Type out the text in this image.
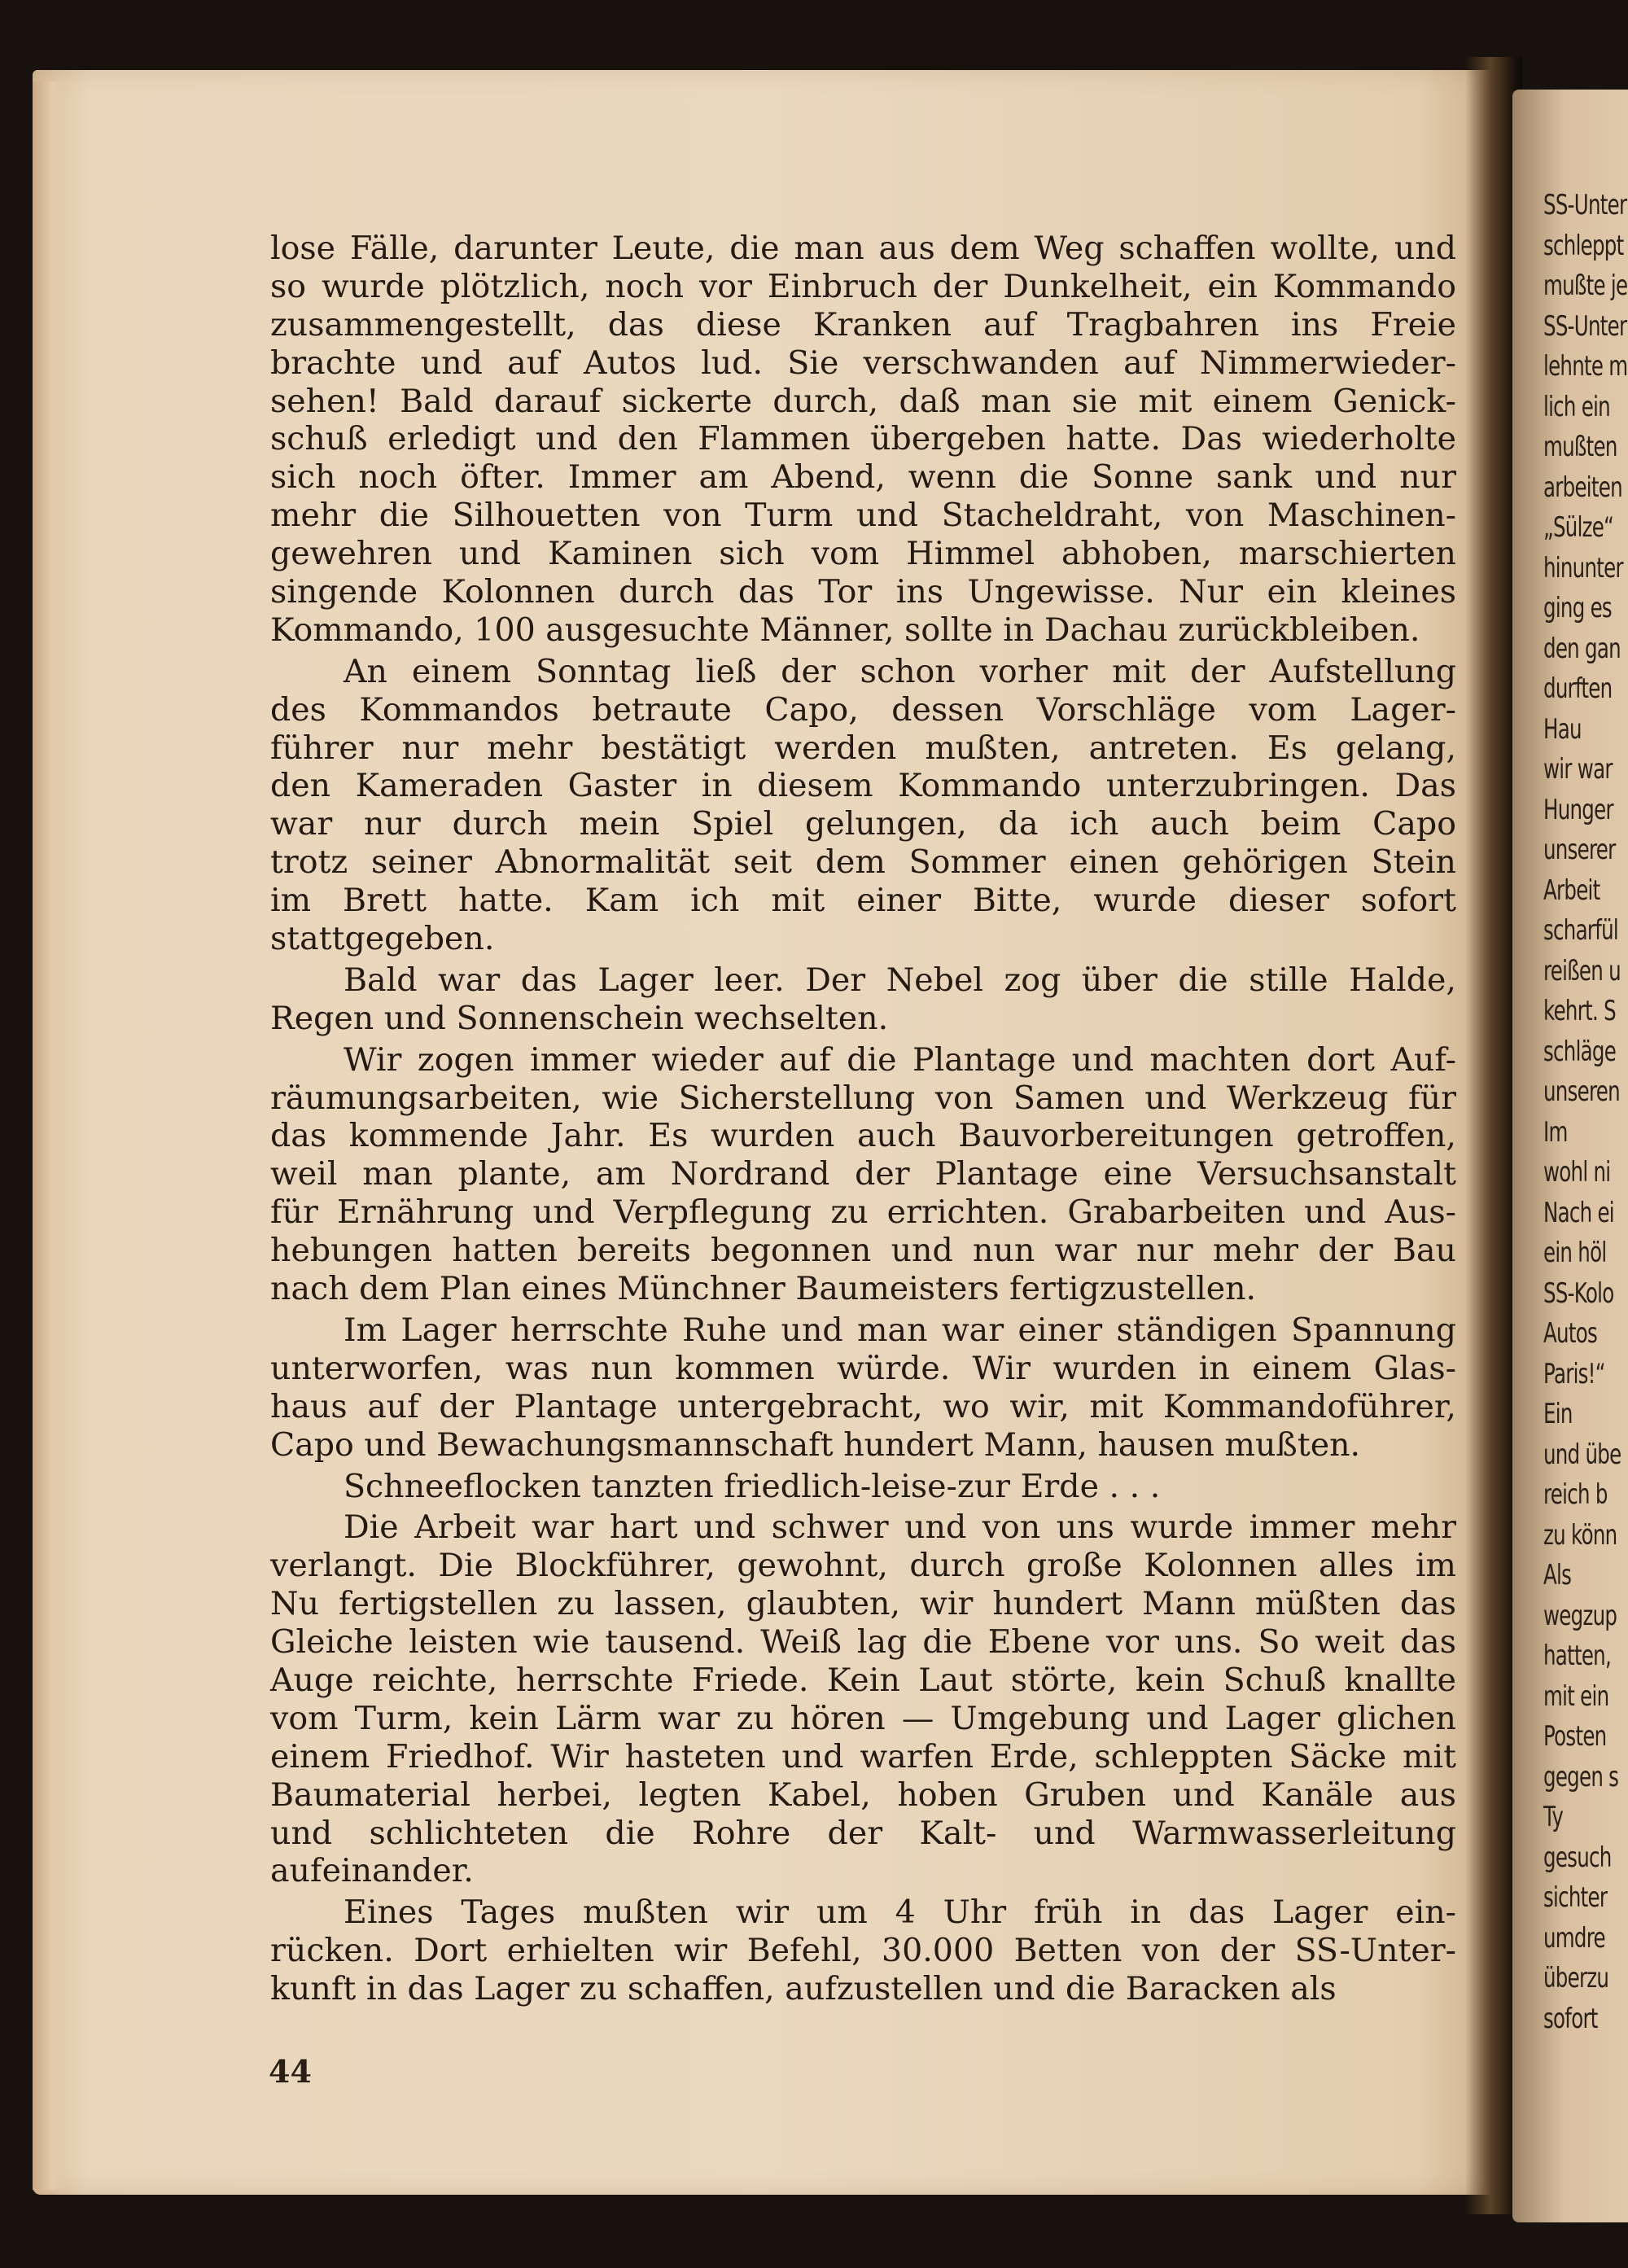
lose Fälle, darunter Leute, die man aus dem Weg schaffen wollte, und
so wurde plötzlich, noch vor Einbruch der Dunkelheit, ein Kommando
zusammengestellt, das diese Kranken auf Tragbahren ins Freie
brachte und auf Autos lud. Sie verschwanden auf Nimmerwieder-
sehen! Bald darauf sickerte durch, daß man sie mit einem Genick-
schuß erledigt und den Flammen übergeben hatte. Das wiederholte
sich noch öfter. Immer am Abend, wenn die Sonne sank und nur
mehr die Silhouetten von Turm und Stacheldraht, von Maschinen-
gewehren und Kaminen sich vom Himmel abhoben, marschierten
singende Kolonnen durch das Tor ins Ungewisse. Nur ein kleines
Kommando, 100 ausgesuchte Männer, sollte in Dachau zurückbleiben.
An einem Sonntag ließ der schon vorher mit der Aufstellung
des Kommandos betraute Capo, dessen Vorschläge vom Lager-
führer nur mehr bestätigt werden mußten, antreten. Es gelang,
den Kameraden Gaster in diesem Kommando unterzubringen. Das
war nur durch mein Spiel gelungen, da ich auch beim Capo
trotz seiner Abnormalität seit dem Sommer einen gehörigen Stein
im Brett hatte. Kam ich mit einer Bitte, wurde dieser sofort
stattgegeben.
Bald war das Lager leer. Der Nebel zog über die stille Halde,
Regen und Sonnenschein wechselten.
Wir zogen immer wieder auf die Plantage und machten dort Auf-
räumungsarbeiten, wie Sicherstellung von Samen und Werkzeug für
das kommende Jahr. Es wurden auch Bauvorbereitungen getroffen,
weil man plante, am Nordrand der Plantage eine Versuchsanstalt
für Ernährung und Verpflegung zu errichten. Grabarbeiten und Aus-
hebungen hatten bereits begonnen und nun war nur mehr der Bau
nach dem Plan eines Münchner Baumeisters fertigzustellen.
Im Lager herrschte Ruhe und man war einer ständigen Spannung
unterworfen, was nun kommen würde. Wir wurden in einem Glas-
haus auf der Plantage untergebracht, wo wir, mit Kommandoführer,
Capo und Bewachungsmannschaft hundert Mann, hausen mußten.
Schneeflocken tanzten friedlich-leise-zur Erde . . .
Die Arbeit war hart und schwer und von uns wurde immer mehr
verlangt. Die Blockführer, gewohnt, durch große Kolonnen alles im
Nu fertigstellen zu lassen, glaubten, wir hundert Mann müßten das
Gleiche leisten wie tausend. Weiß lag die Ebene vor uns. So weit das
Auge reichte, herrschte Friede. Kein Laut störte, kein Schuß knallte
vom Turm, kein Lärm war zu hören — Umgebung und Lager glichen
einem Friedhof. Wir hasteten und warfen Erde, schleppten Säcke mit
Baumaterial herbei, legten Kabel, hoben Gruben und Kanäle aus
und schlichteten die Rohre der Kalt- und Warmwasserleitung
aufeinander.
Eines Tages mußten wir um 4 Uhr früh in das Lager ein-
rücken. Dort erhielten wir Befehl, 30.000 Betten von der SS-Unter-
kunft in das Lager zu schaffen, aufzustellen und die Baracken als
44
SS-Unter
schleppt
mußte je
SS-Unter
lehnte m
lich ein
mußten
arbeiten
„Sülze“
hinunter
ging es
den gan
durften
Hau
wir war
Hunger
unserer
Arbeit
scharfül
reißen u
kehrt. S
schläge
unseren
Im
wohl ni
Nach ei
ein höl
SS-Kolo
Autos
Paris!“
Ein
und übe
reich b
zu könn
Als
wegzup
hatten,
mit ein
Posten
gegen s
Ty
gesuch
sichter
umdre
überzu
sofort
